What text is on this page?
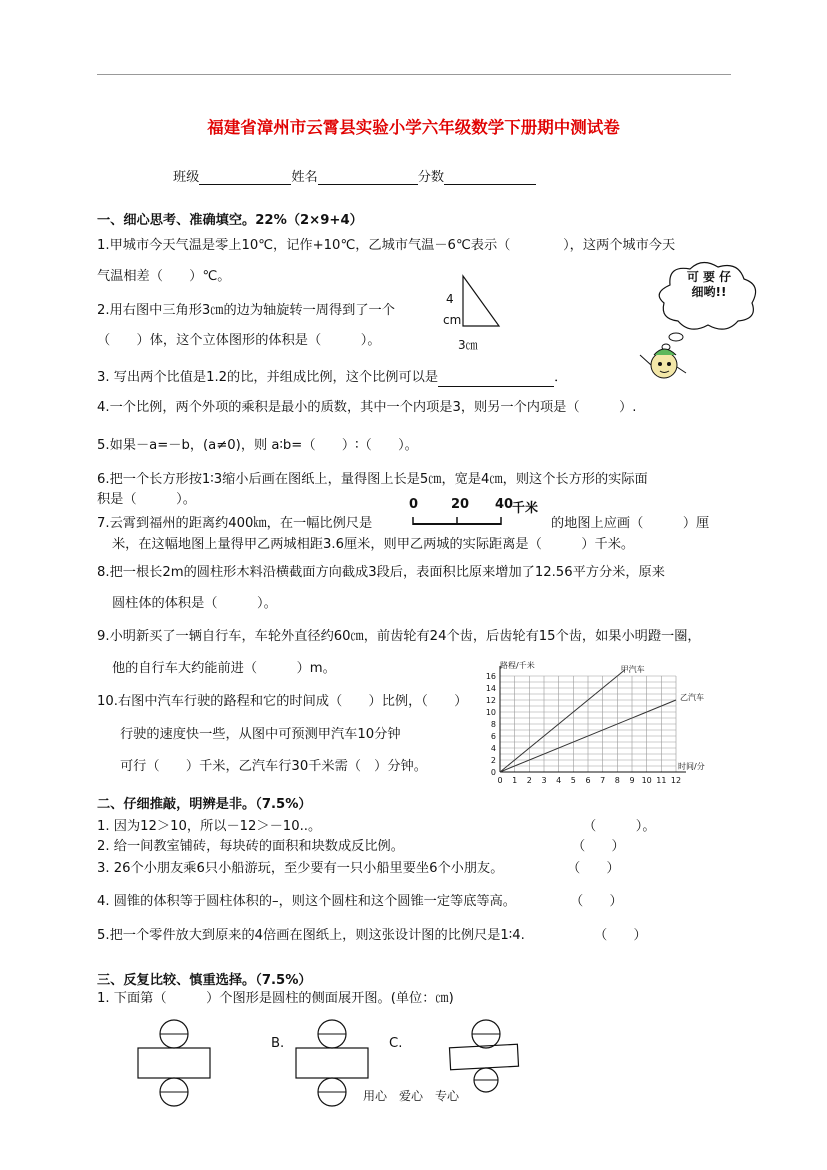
福建省漳州市云霄县实验小学六年级数学下册期中测试卷
班级	姓名	分数
一、细心思考、准确填空。22%（2×9+4）
1.甲城市今天气温是零上10℃，记作+10℃，乙城市气温－6℃表示（　　　　），这两个城市今天
气温相差（　　）℃。
2.用右图中三角形3㎝的边为轴旋转一周得到了一个
（　　）体，这个立体图形的体积是（　　　）。
4
cm
3㎝
可 要 仔
细哟!!
3. 写出两个比值是1.2的比，并组成比例，这个比例可以是	．
4.一个比例，两个外项的乘积是最小的质数，其中一个内项是3，则另一个内项是（　　　）.
5.如果－a=－b，(a≠0)，则 a∶b=（　　）∶（　　）。
6.把一个长方形按1∶3缩小后画在图纸上，量得图上长是5㎝，宽是4㎝，则这个长方形的实际面
积是（　　　）。
7.云霄到福州的距离约400㎞，在一幅比例尺是	的地图上应画（　　　）厘
0	20 40
千米
米，在这幅地图上量得甲乙两城相距3.6厘米，则甲乙两城的实际距离是（　　　）千米。
8.把一根长2m的圆柱形木料沿横截面方向截成3段后，表面积比原来增加了12.56平方分米，原来
圆柱体的体积是（　　　）。
9.小明新买了一辆自行车，车轮外直径约60㎝，前齿轮有24个齿，后齿轮有15个齿，如果小明蹬一圈，
他的自行车大约能前进（　　　）m。
10.右图中汽车行驶的路程和它的时间成（　　）比例，（　　）
行驶的速度快一些，从图中可预测甲汽车10分钟
可行（　　）千米，乙汽车行30千米需（　）分钟。
0 1 2 3 4 5 6 7 8 9 10 11 12
0
2
4
6
8
10
12
14
16
路程/千米
时间/分
甲汽车
乙汽车
二、仔细推敲，明辨是非。（7.5%）
1. 因为12＞10，所以－12＞－10..。	（　　　）。
2. 给一间教室铺砖，每块砖的面积和块数成反比例。	（　　）
3. 26个小朋友乘6只小船游玩，至少要有一只小船里要坐6个小朋友。	（　　）
4. 圆锥的体积等于圆柱体积的–，则这个圆柱和这个圆锥一定等底等高。	（　　）
5.把一个零件放大到原来的4倍画在图纸上，则这张设计图的比例尺是1∶4.	（　　）
三、反复比较、慎重选择。（7.5%）
1. 下面第（　　　）个图形是圆柱的侧面展开图。(单位：㎝)
B.	C.
用心　爱心　专心
